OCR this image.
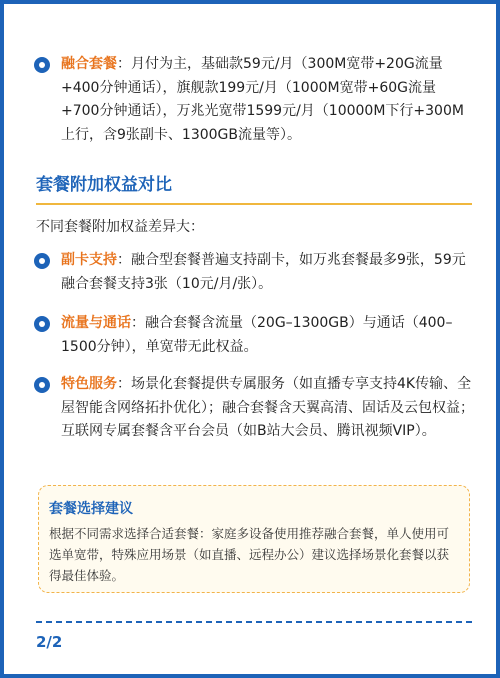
融合套餐：月付为主，基础款59元/月（300M宽带+20G流量+400分钟通话），旗舰款199元/月（1000M宽带+60G流量+700分钟通话），万兆光宽带1599元/月（10000M下行+300M上行，含9张副卡、1300GB流量等）。
套餐附加权益对比
不同套餐附加权益差异大：
副卡支持：融合型套餐普遍支持副卡，如万兆套餐最多9张，59元融合套餐支持3张（10元/月/张）。
流量与通话：融合套餐含流量（20G–1300GB）与通话（400–1500分钟），单宽带无此权益。
特色服务：场景化套餐提供专属服务（如直播专享支持4K传输、全屋智能含网络拓扑优化）；融合套餐含天翼高清、固话及云包权益；互联网专属套餐含平台会员（如B站大会员、腾讯视频VIP）。
套餐选择建议
根据不同需求选择合适套餐：家庭多设备使用推荐融合套餐，单人使用可选单宽带，特殊应用场景（如直播、远程办公）建议选择场景化套餐以获得最佳体验。
2/2
